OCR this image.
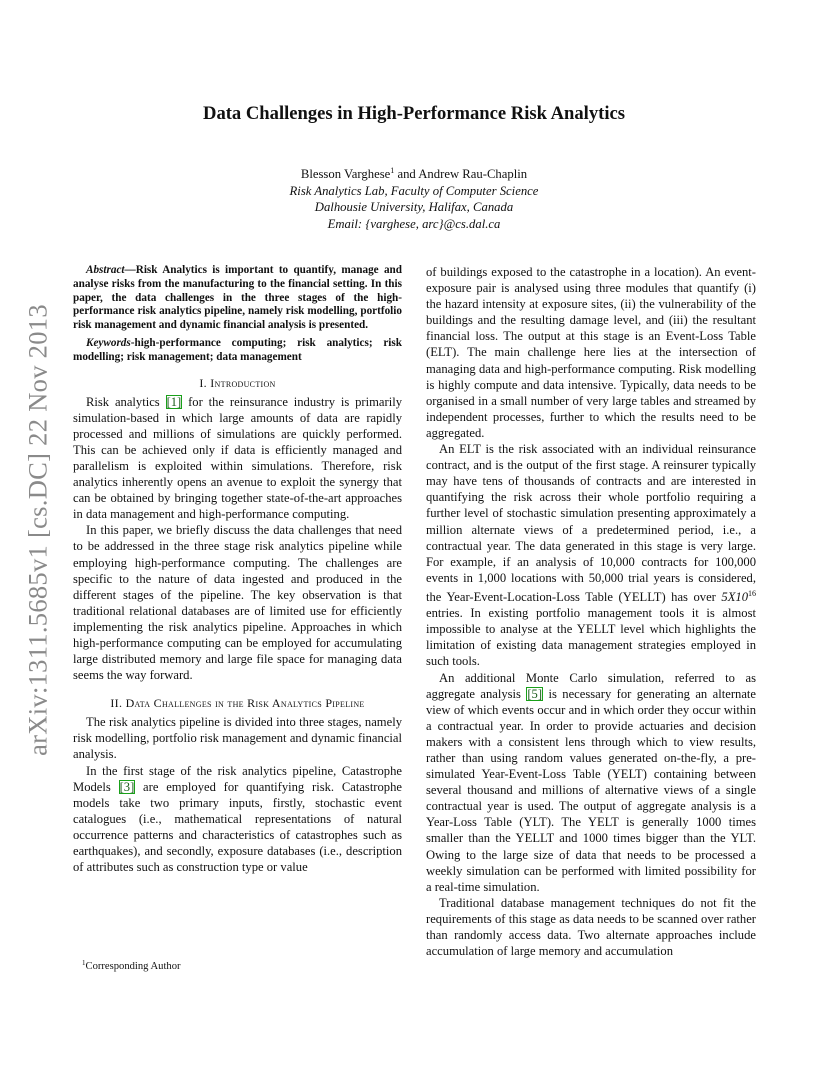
arXiv:1311.5685v1 [cs.DC] 22 Nov 2013
Data Challenges in High-Performance Risk Analytics
Blesson Varghese$^1$ and Andrew Rau-Chaplin
Risk Analytics Lab, Faculty of Computer Science
Dalhousie University, Halifax, Canada
Email: {varghese, arc}@cs.dal.ca

Abstract—Risk Analytics is important to quantify, manage and analyse risks from the manufacturing to the financial setting. In this paper, the data challenges in the three stages of the high-performance risk analytics pipeline, namely risk modelling, portfolio risk management and dynamic financial analysis is presented.

Keywords-high-performance computing; risk analytics; risk modelling; risk management; data management

I. Introduction

Risk analytics [1] for the reinsurance industry is primarily simulation-based in which large amounts of data are rapidly processed and millions of simulations are quickly performed. This can be achieved only if data is efficiently managed and parallelism is exploited within simulations. Therefore, risk analytics inherently opens an avenue to exploit the synergy that can be obtained by bringing together state-of-the-art approaches in data management and high-performance computing.

In this paper, we briefly discuss the data challenges that need to be addressed in the three stage risk analytics pipeline while employing high-performance computing. The challenges are specific to the nature of data ingested and produced in the different stages of the pipeline. The key observation is that traditional relational databases are of limited use for efficiently implementing the risk analytics pipeline. Approaches in which high-performance computing can be employed for accumulating large distributed memory and large file space for managing data seems the way forward.

II. Data Challenges in the Risk Analytics Pipeline

The risk analytics pipeline is divided into three stages, namely risk modelling, portfolio risk management and dynamic financial analysis.

In the first stage of the risk analytics pipeline, Catastrophe Models [3] are employed for quantifying risk. Catastrophe models take two primary inputs, firstly, stochastic event catalogues (i.e., mathematical representations of natural occurrence patterns and characteristics of catastrophes such as earthquakes), and secondly, exposure databases (i.e., description of attributes such as construction type or value

of buildings exposed to the catastrophe in a location). An event-exposure pair is analysed using three modules that quantify (i) the hazard intensity at exposure sites, (ii) the vulnerability of the buildings and the resulting damage level, and (iii) the resultant financial loss. The output at this stage is an Event-Loss Table (ELT). The main challenge here lies at the intersection of managing data and high-performance computing. Risk modelling is highly compute and data intensive. Typically, data needs to be organised in a small number of very large tables and streamed by independent processes, further to which the results need to be aggregated.

An ELT is the risk associated with an individual reinsurance contract, and is the output of the first stage. A reinsurer typically may have tens of thousands of contracts and are interested in quantifying the risk across their whole portfolio requiring a further level of stochastic simulation presenting approximately a million alternate views of a predetermined period, i.e., a contractual year. The data generated in this stage is very large. For example, if an analysis of 10,000 contracts for 100,000 events in 1,000 locations with 50,000 trial years is considered, the Year-Event-Location-Loss Table (YELLT) has over $5X10^{16}$ entries. In existing portfolio management tools it is almost impossible to analyse at the YELLT level which highlights the limitation of existing data management strategies employed in such tools.

An additional Monte Carlo simulation, referred to as aggregate analysis [5] is necessary for generating an alternate view of which events occur and in which order they occur within a contractual year. In order to provide actuaries and decision makers with a consistent lens through which to view results, rather than using random values generated on-the-fly, a pre-simulated Year-Event-Loss Table (YELT) containing between several thousand and millions of alternative views of a single contractual year is used. The output of aggregate analysis is a Year-Loss Table (YLT). The YELT is generally 1000 times smaller than the YELLT and 1000 times bigger than the YLT. Owing to the large size of data that needs to be processed a weekly simulation can be performed with limited possibility for a real-time simulation.

Traditional database management techniques do not fit the requirements of this stage as data needs to be scanned over rather than randomly access data. Two alternate approaches include accumulation of large memory and accumulation

$^1$Corresponding Author
